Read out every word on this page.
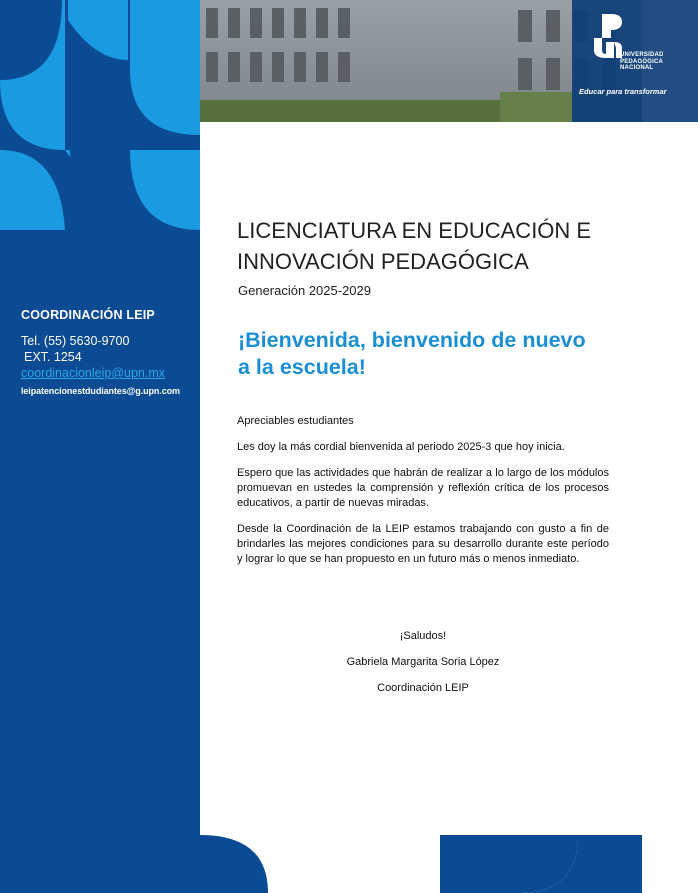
COORDINACIÓN LEIP
Tel. (55) 5630-9700
EXT. 1254
coordinacionleip@upn.mx
leipatencionestdudiantes@g.upn.com
UNIVERSIDAD
PEDAGÓGICA
NACIONAL
Educar para transformar
LICENCIATURA EN EDUCACIÓN E
INNOVACIÓN PEDAGÓGICA
Generación 2025-2029
¡Bienvenida, bienvenido de nuevo
a la escuela!

Apreciables estudiantes

Les doy la más cordial bienvenida al periodo 2025-3 que hoy inicia.

Espero que las actividades que habrán de realizar a lo largo de los módulos promuevan en ustedes la comprensión y reflexión crítica de los procesos educativos, a partir de nuevas miradas.

Desde la Coordinación de la LEIP estamos trabajando con gusto a fin de brindarles las mejores condiciones para su desarrollo durante este período y lograr lo que se han propuesto en un futuro más o menos inmediato.

¡Saludos!
Gabriela Margarita Soria López
Coordinación LEIP
